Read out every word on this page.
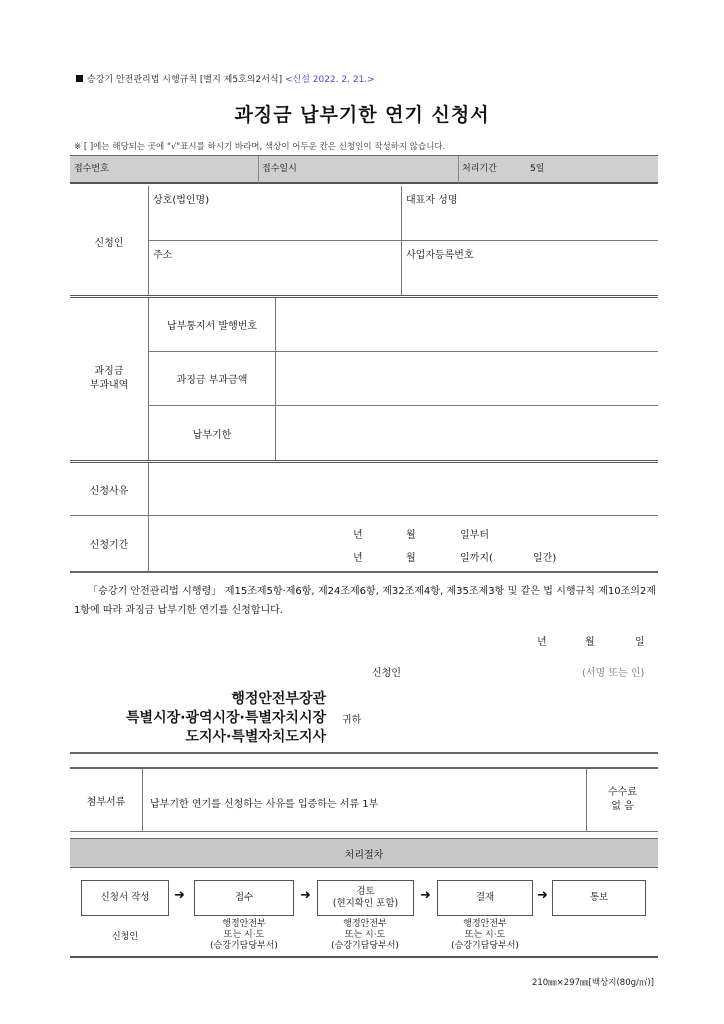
승강기 안전관리법 시행규칙 [별지 제5호의2서식] <신설 2022. 2. 21.>
과징금 납부기한 연기 신청서
※ [ ]에는 해당되는 곳에 "√"표시를 하시기 바라며, 색상이 어두운 칸은 신청인이 작성하지 않습니다.
접수번호	접수일시	처리기간	5일
신청인
상호(법인명)	대표자 성명
주소	사업자등록번호
과징금
부과내역
납부통지서 발행번호
과징금 부과금액
납부기한
신청사유
신청기간
년	월	일부터
년	월	일까지(	일간)
「승강기 안전관리법 시행령」 제15조제5항·제6항, 제24조제6항, 제32조제4항, 제35조제3항 및 같은 법 시행규칙 제10조의2제1항에 따라 과징금 납부기한 연기를 신청합니다.
년	월	일
신청인	(서명 또는 인)
행정안전부장관
특별시장·광역시장·특별자치시장
도지사·특별자치도지사
귀하
첨부서류	납부기한 연기를 신청하는 사유를 입증하는 서류 1부
수수료
없 음
처리절차
신청서 작성 ➜	접수	➜	검토
(현지확인 포함)
➜	결재	➜	통보
신청인
행정안전부
또는 시·도
(승강기담당부서)
행정안전부
또는 시·도
(승강기담당부서)
행정안전부
또는 시·도
(승강기담당부서)
210㎜×297㎜[백상지(80g/㎡)]
